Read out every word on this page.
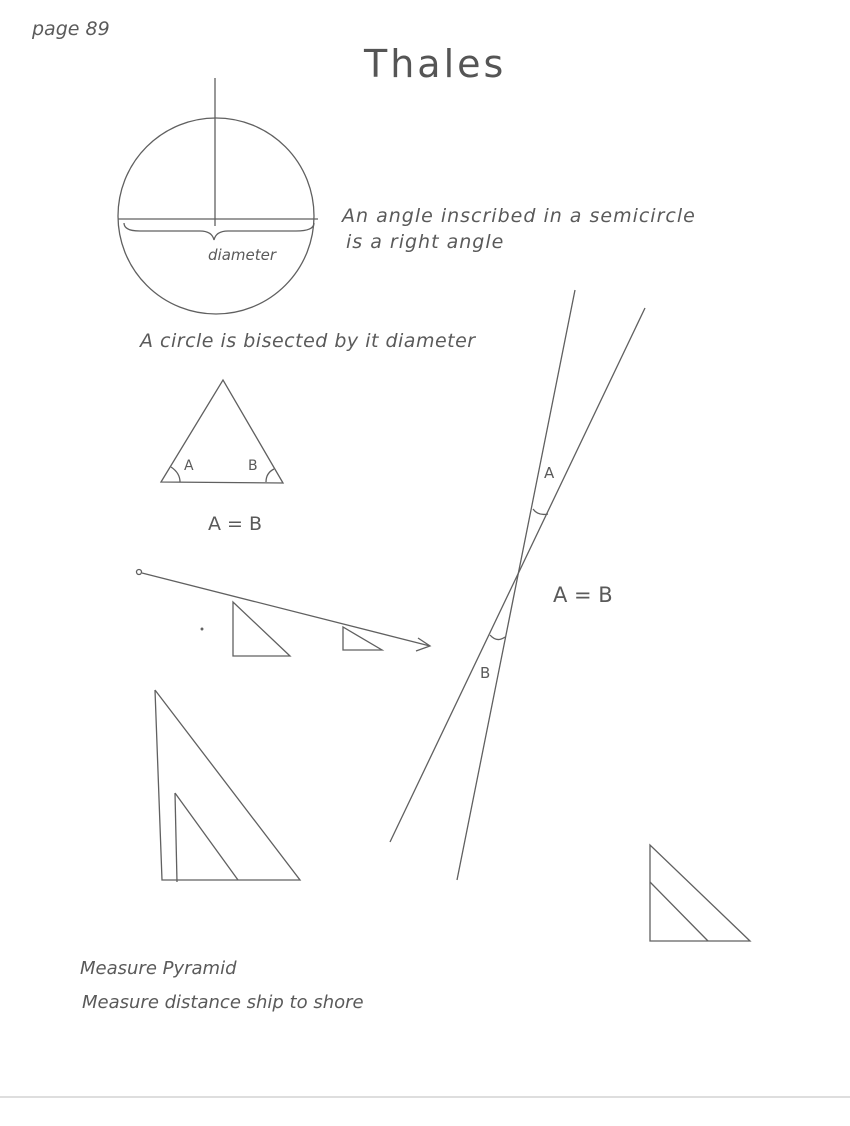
page 89
Thales
diameter
A	B
A = B
A
B
A = B
An angle inscribed in a semicircle
is a right angle
A circle is bisected by it diameter
Measure Pyramid
Measure distance ship to shore
